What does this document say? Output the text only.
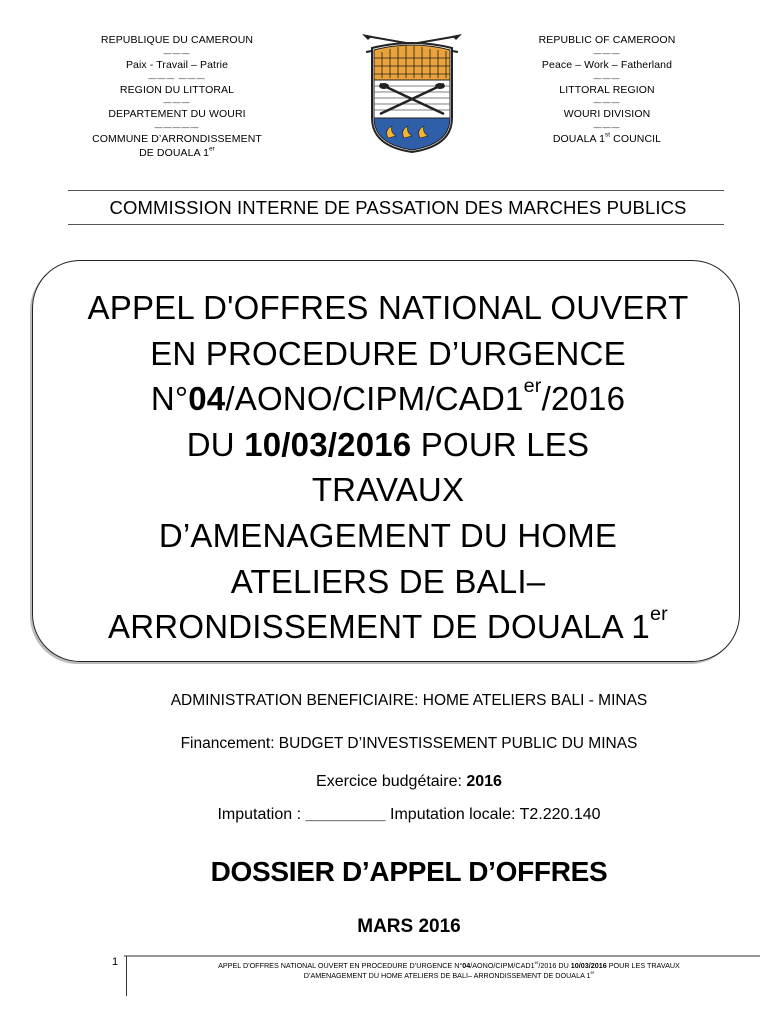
REPUBLIQUE DU CAMEROUN
———
Paix - Travail – Patrie
——— ———
REGION DU LITTORAL
———
DEPARTEMENT DU WOURI
—————
COMMUNE D’ARRONDISSEMENT
DE DOUALA 1er
REPUBLIC OF CAMEROON
———
Peace – Work – Fatherland
———
LITTORAL REGION
———
WOURI DIVISION
———
DOUALA 1st COUNCIL
COMMISSION INTERNE DE PASSATION DES MARCHES PUBLICS
APPEL D'OFFRES NATIONAL OUVERT
EN PROCEDURE D’URGENCE
N°04/AONO/CIPM/CAD1er/2016
DU 10/03/2016 POUR LES
TRAVAUX
D’AMENAGEMENT DU HOME
ATELIERS DE BALI–
ARRONDISSEMENT DE DOUALA 1er
ADMINISTRATION BENEFICIAIRE: HOME ATELIERS BALI - MINAS
Financement: BUDGET D’INVESTISSEMENT PUBLIC DU MINAS
Exercice budgétaire: 2016
Imputation : _________ Imputation locale: T2.220.140
DOSSIER D’APPEL D’OFFRES
MARS 2016
1	APPEL D'OFFRES NATIONAL OUVERT EN PROCEDURE D’URGENCE N°04/AONO/CIPM/CAD1er/2016 DU 10/03/2016 POUR LES TRAVAUX
D’AMENAGEMENT DU HOME ATELIERS DE BALI– ARRONDISSEMENT DE DOUALA 1er
